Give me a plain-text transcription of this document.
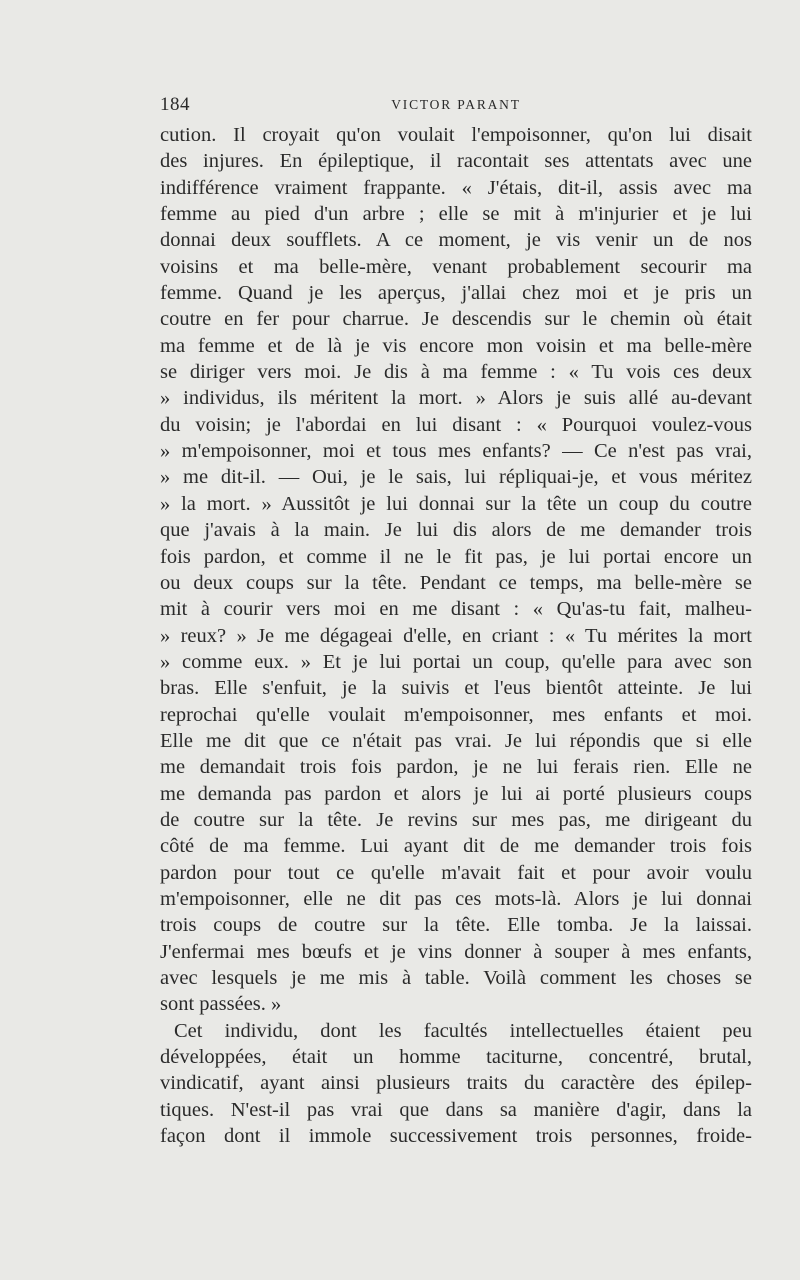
184	VICTOR PARANT
cution. Il croyait qu'on voulait l'empoisonner, qu'on lui disait
des injures. En épileptique, il racontait ses attentats avec une
indifférence vraiment frappante. « J'étais, dit-il, assis avec ma
femme au pied d'un arbre ; elle se mit à m'injurier et je lui
donnai deux soufflets. A ce moment, je vis venir un de nos
voisins et ma belle-mère, venant probablement secourir ma
femme. Quand je les aperçus, j'allai chez moi et je pris un
coutre en fer pour charrue. Je descendis sur le chemin où était
ma femme et de là je vis encore mon voisin et ma belle-mère
se diriger vers moi. Je dis à ma femme : « Tu vois ces deux
» individus, ils méritent la mort. » Alors je suis allé au-devant
du voisin; je l'abordai en lui disant : « Pourquoi voulez-vous
» m'empoisonner, moi et tous mes enfants? — Ce n'est pas vrai,
» me dit-il. — Oui, je le sais, lui répliquai-je, et vous méritez
» la mort. » Aussitôt je lui donnai sur la tête un coup du coutre
que j'avais à la main. Je lui dis alors de me demander trois
fois pardon, et comme il ne le fit pas, je lui portai encore un
ou deux coups sur la tête. Pendant ce temps, ma belle-mère se
mit à courir vers moi en me disant : « Qu'as-tu fait, malheu-
» reux? » Je me dégageai d'elle, en criant : « Tu mérites la mort
» comme eux. » Et je lui portai un coup, qu'elle para avec son
bras. Elle s'enfuit, je la suivis et l'eus bientôt atteinte. Je lui
reprochai qu'elle voulait m'empoisonner, mes enfants et moi.
Elle me dit que ce n'était pas vrai. Je lui répondis que si elle
me demandait trois fois pardon, je ne lui ferais rien. Elle ne
me demanda pas pardon et alors je lui ai porté plusieurs coups
de coutre sur la tête. Je revins sur mes pas, me dirigeant du
côté de ma femme. Lui ayant dit de me demander trois fois
pardon pour tout ce qu'elle m'avait fait et pour avoir voulu
m'empoisonner, elle ne dit pas ces mots-là. Alors je lui donnai
trois coups de coutre sur la tête. Elle tomba. Je la laissai.
J'enfermai mes bœufs et je vins donner à souper à mes enfants,
avec lesquels je me mis à table. Voilà comment les choses se
sont passées. »
Cet individu, dont les facultés intellectuelles étaient peu
développées, était un homme taciturne, concentré, brutal,
vindicatif, ayant ainsi plusieurs traits du caractère des épilep-
tiques. N'est-il pas vrai que dans sa manière d'agir, dans la
façon dont il immole successivement trois personnes, froide-
